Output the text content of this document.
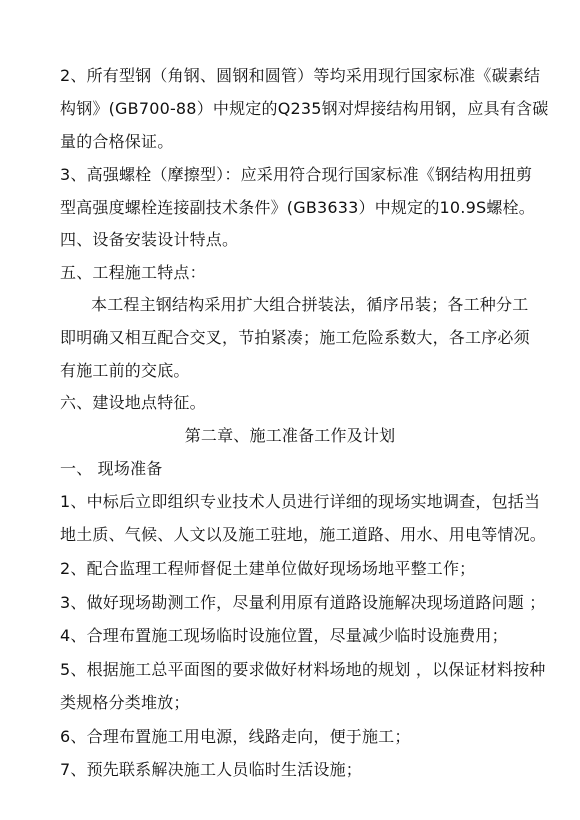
2、所有型钢（角钢、圆钢和圆管）等均采用现行国家标准《碳素结
构钢》(GB700-88）中规定的Q235钢对焊接结构用钢，应具有含碳
量的合格保证。
3、高强螺栓（摩擦型）：应采用符合现行国家标准《钢结构用扭剪
型高强度螺栓连接副技术条件》(GB3633）中规定的10.9S螺栓。
四、设备安装设计特点。
五、工程施工特点：
本工程主钢结构采用扩大组合拼装法，循序吊装；各工种分工
即明确又相互配合交叉，节拍紧凑；施工危险系数大，各工序必须
有施工前的交底。
六、建设地点特征。
第二章、施工准备工作及计划
一、 现场准备
1、中标后立即组织专业技术人员进行详细的现场实地调查，包括当
地土质、气候、人文以及施工驻地，施工道路、用水、用电等情况。
2、配合监理工程师督促土建单位做好现场场地平整工作；
3、做好现场勘测工作，尽量利用原有道路设施解决现场道路问题 ；
4、合理布置施工现场临时设施位置，尽量减少临时设施费用；
5、根据施工总平面图的要求做好材料场地的规划 ，以保证材料按种
类规格分类堆放；
6、合理布置施工用电源，线路走向，便于施工；
7、预先联系解决施工人员临时生活设施；
